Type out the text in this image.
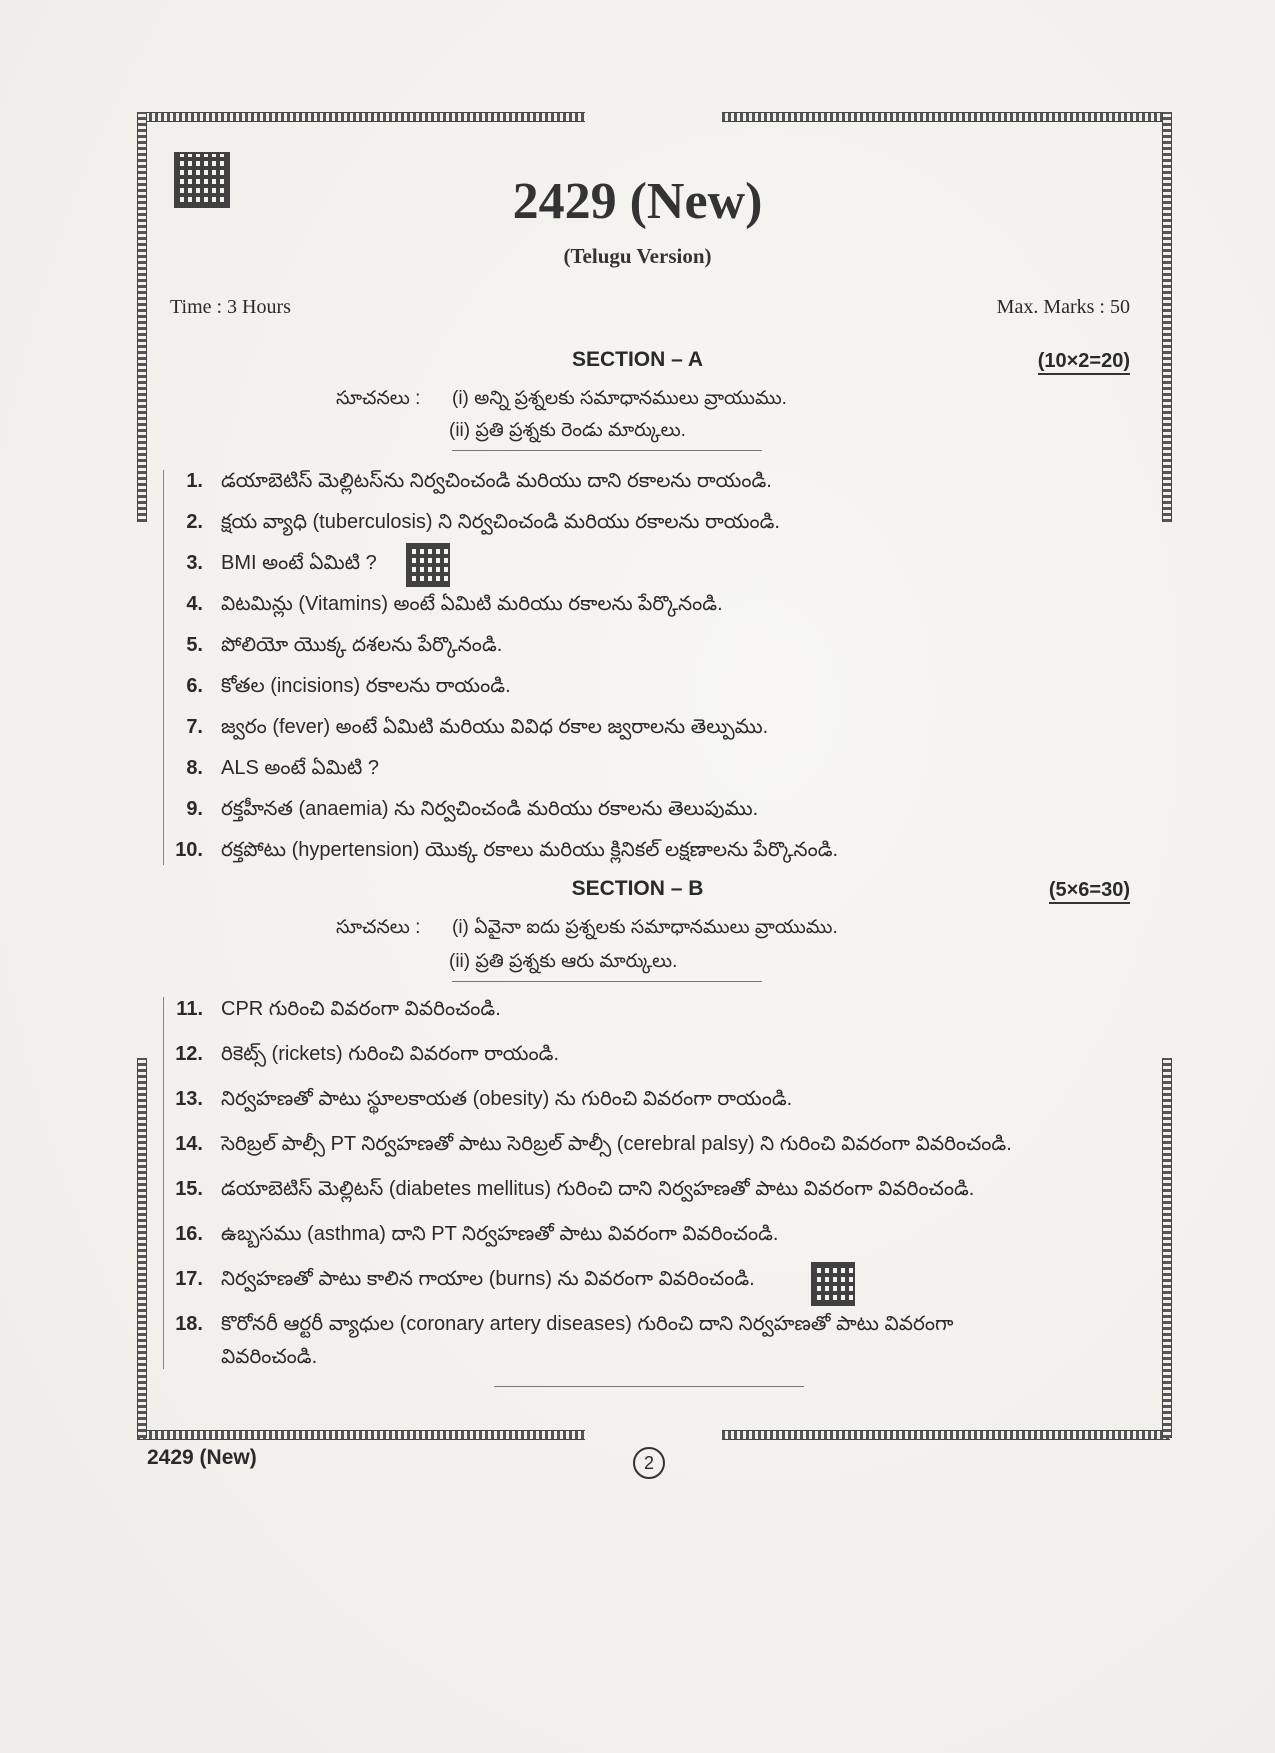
2429 (New)
(Telugu Version)
Time : 3 Hours	Max. Marks : 50
SECTION – A	(10×2=20)
సూచనలు : (i) అన్ని ప్రశ్నలకు సమాధానములు వ్రాయుము.
(ii) ప్రతి ప్రశ్నకు రెండు మార్కులు.
1. డయాబెటిస్ మెల్లిటస్‌ను నిర్వచించండి మరియు దాని రకాలను రాయండి.
2. క్షయ వ్యాధి (tuberculosis) ని నిర్వచించండి మరియు రకాలను రాయండి.
3. BMI అంటే ఏమిటి ?
4. విటమిన్లు (Vitamins) అంటే ఏమిటి మరియు రకాలను పేర్కొనండి.
5. పోలియో యొక్క దశలను పేర్కొనండి.
6. కోతల (incisions) రకాలను రాయండి.
7. జ్వరం (fever) అంటే ఏమిటి మరియు వివిధ రకాల జ్వరాలను తెల్పుము.
8. ALS అంటే ఏమిటి ?
9. రక్తహీనత (anaemia) ను నిర్వచించండి మరియు రకాలను తెలుపుము.
10. రక్తపోటు (hypertension) యొక్క రకాలు మరియు క్లినికల్ లక్షణాలను పేర్కొనండి.
SECTION – B	(5×6=30)
సూచనలు : (i) ఏవైనా ఐదు ప్రశ్నలకు సమాధానములు వ్రాయుము.
(ii) ప్రతి ప్రశ్నకు ఆరు మార్కులు.
11. CPR గురించి వివరంగా వివరించండి.
12. రికెట్స్ (rickets) గురించి వివరంగా రాయండి.
13. నిర్వహణతో పాటు స్థూలకాయత (obesity) ను గురించి వివరంగా రాయండి.
14. సెరిబ్రల్ పాల్సీ PT నిర్వహణతో పాటు సెరిబ్రల్ పాల్సీ (cerebral palsy) ని గురించి వివరంగా వివరించండి.
15. డయాబెటిస్ మెల్లిటస్ (diabetes mellitus) గురించి దాని నిర్వహణతో పాటు వివరంగా వివరించండి.
16. ఉబ్బసము (asthma) దాని PT నిర్వహణతో పాటు వివరంగా వివరించండి.
17. నిర్వహణతో పాటు కాలిన గాయాల (burns) ను వివరంగా వివరించండి.
18. కొరోనరీ ఆర్టరీ వ్యాధుల (coronary artery diseases) గురించి దాని నిర్వహణతో పాటు వివరంగా
వివరించండి.
2429 (New)	2
